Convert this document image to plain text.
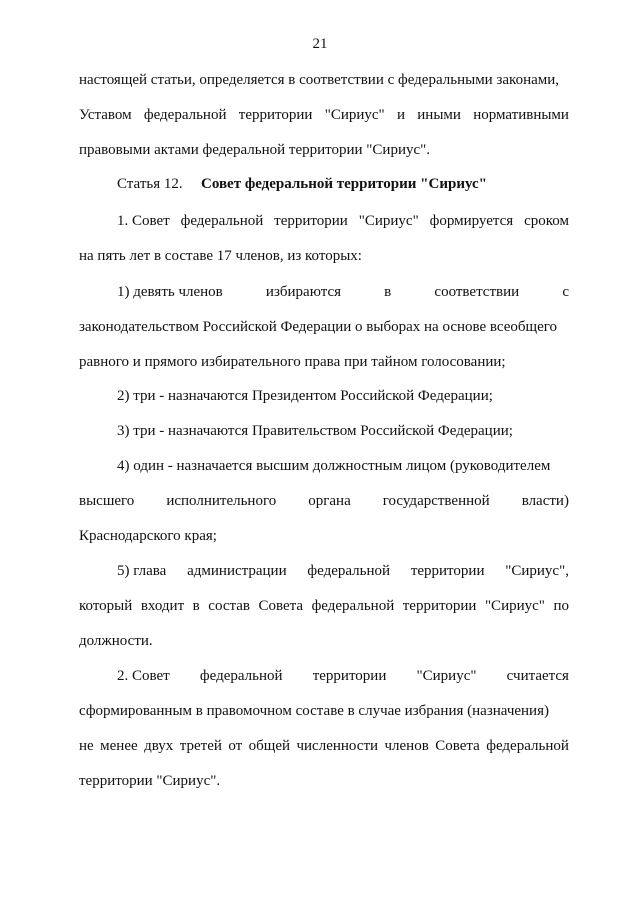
21
настоящей статьи, определяется в соответствии с федеральными законами,
Уставом федеральной территории "Сириус" и иными нормативными
правовыми актами федеральной территории "Сириус".
Статья 12. Совет федеральной территории "Сириус"
1. Совет федеральной территории "Сириус" формируется сроком
на пять лет в составе 17 членов, из которых:
1) девять членов	избираются	в	соответствии	с
законодательством Российской Федерации о выборах на основе всеобщего
равного и прямого избирательного права при тайном голосовании;
2) три - назначаются Президентом Российской Федерации;
3) три - назначаются Правительством Российской Федерации;
4) один - назначается высшим должностным лицом (руководителем
высшего исполнительного органа государственной власти)
Краснодарского края;
5) глава администрации федеральной территории "Сириус",
который входит в состав Совета федеральной территории "Сириус" по
должности.
2. Совет федеральной территории "Сириус" считается
сформированным в правомочном составе в случае избрания (назначения)
не менее двух третей от общей численности членов Совета федеральной
территории "Сириус".
